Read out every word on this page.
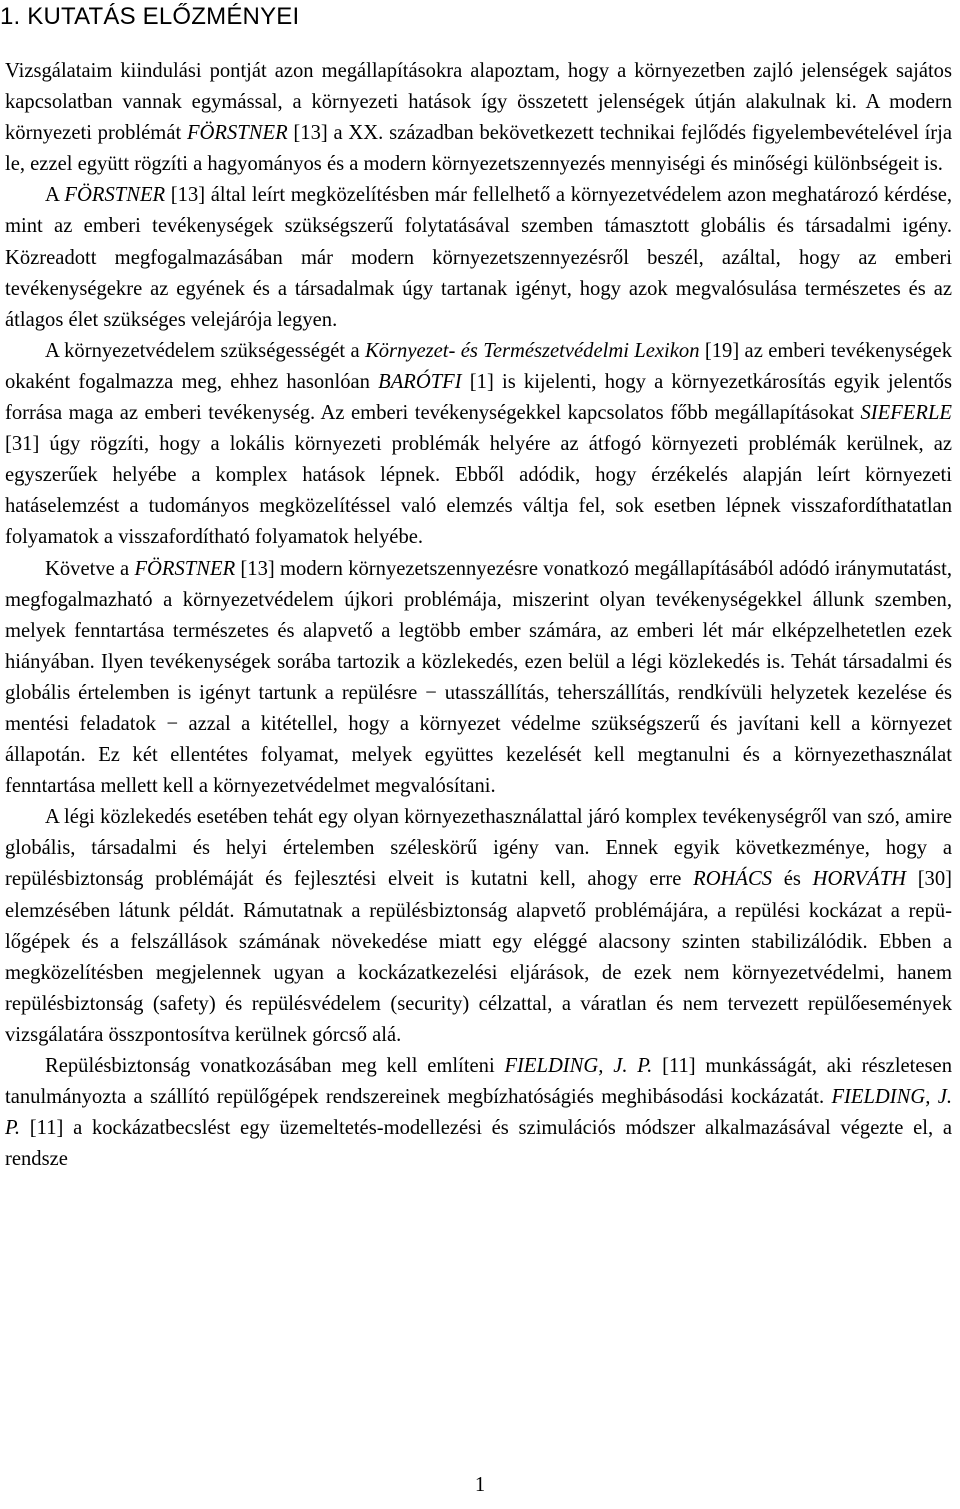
1. KUTATÁS ELŐZMÉNYEI

Vizsgálataim kiindulási pontját azon megállapításokra alapoztam, hogy a környezetben zajló jelenségek sajátos kapcsolatban vannak egymással, a környezeti hatások így összetett jelenségek útján alakulnak ki. A modern környezeti problémát FÖRSTNER [13] a XX. században bekövetkezett technikai fejlődés figyelembevételével írja le, ezzel együtt rögzíti a hagyományos és a modern környezetszennyezés mennyiségi és minőségi különbségeit is.

A FÖRSTNER [13] által leírt megközelítésben már fellelhető a környezetvédelem azon meghatározó kérdése, mint az emberi tevékenységek szükségszerű folytatásával szemben támasztott globális és társadalmi igény. Közreadott megfogalmazásában már modern környezetszennyezésről beszél, azáltal, hogy az emberi tevékenységekre az egyének és a társadalmak úgy tartanak igényt, hogy azok megvalósulása természetes és az átlagos élet szükséges velejárója legyen.

A környezetvédelem szükségességét a Környezet- és Természetvédelmi Lexikon [19] az emberi tevékenységek okaként fogalmazza meg, ehhez hasonlóan BARÓTFI [1] is kijelenti, hogy a környezetkárosítás egyik jelentős forrása maga az emberi tevékenység. Az emberi tevékenységekkel kapcsolatos főbb megállapításokat SIEFERLE [31] úgy rögzíti, hogy a lokális környezeti problémák helyére az átfogó környezeti problémák kerülnek, az egyszerűek helyébe a komplex hatások lépnek. Ebből adódik, hogy érzékelés alapján leírt környezeti hatáselemzést a tudományos megközelítéssel való elemzés váltja fel, sok esetben lépnek visszafordíthatatlan folyamatok a visszafordítható folyamatok helyébe.

Követve a FÖRSTNER [13] modern környezetszennyezésre vonatkozó megállapításából adódó iránymutatást, megfogalmazható a környezetvédelem újkori problémája, miszerint olyan tevékenységekkel állunk szemben, melyek fenntartása természetes és alapvető a legtöbb ember számára, az emberi lét már elképzelhetetlen ezek hiányában. Ilyen tevékenységek sorába tartozik a közlekedés, ezen belül a légi közlekedés is. Tehát társadalmi és globális értelemben is igényt tartunk a repülésre − utasszállítás, teherszállítás, rendkívüli helyzetek kezelése és mentési feladatok − azzal a kitétellel, hogy a környezet védelme szükségszerű és javítani kell a környezet állapotán. Ez két ellentétes folyamat, melyek együttes kezelését kell megtanulni és a környezethasználat fenntartása mellett kell a környezetvédelmet megvalósítani.

A légi közlekedés esetében tehát egy olyan környezethasználattal járó komplex tevékenységről van szó, amire globális, társadalmi és helyi értelemben széleskörű igény van. Ennek egyik következménye, hogy a repülésbiztonság problémáját és fejlesztési elveit is kutatni kell, ahogy erre ROHÁCS és HORVÁTH [30] elemzésében látunk példát. Rámutatnak a repülésbiztonság alapvető problémájára, a repülési kockázat a repülőgépek és a felszállások számának növekedése miatt egy eléggé alacsony szinten stabilizálódik. Ebben a megközelítésben megjelennek ugyan a kockázatkezelési eljárások, de ezek nem környezetvédelmi, hanem repülésbiztonság (safety) és repülésvédelem (security) célzattal, a váratlan és nem tervezett repülőesemények vizsgálatára összpontosítva kerülnek górcső alá.

Repülésbiztonság vonatkozásában meg kell említeni FIELDING, J. P. [11] munkásságát, aki részletesen tanulmányozta a szállító repülőgépek rendszereinek megbízhatóságiés meghibásodási kockázatát. FIELDING, J. P. [11] a kockázatbecslést egy üzemeltetés-modellezési és szimulációs módszer alkalmazásával végezte el, a rendsze

1
